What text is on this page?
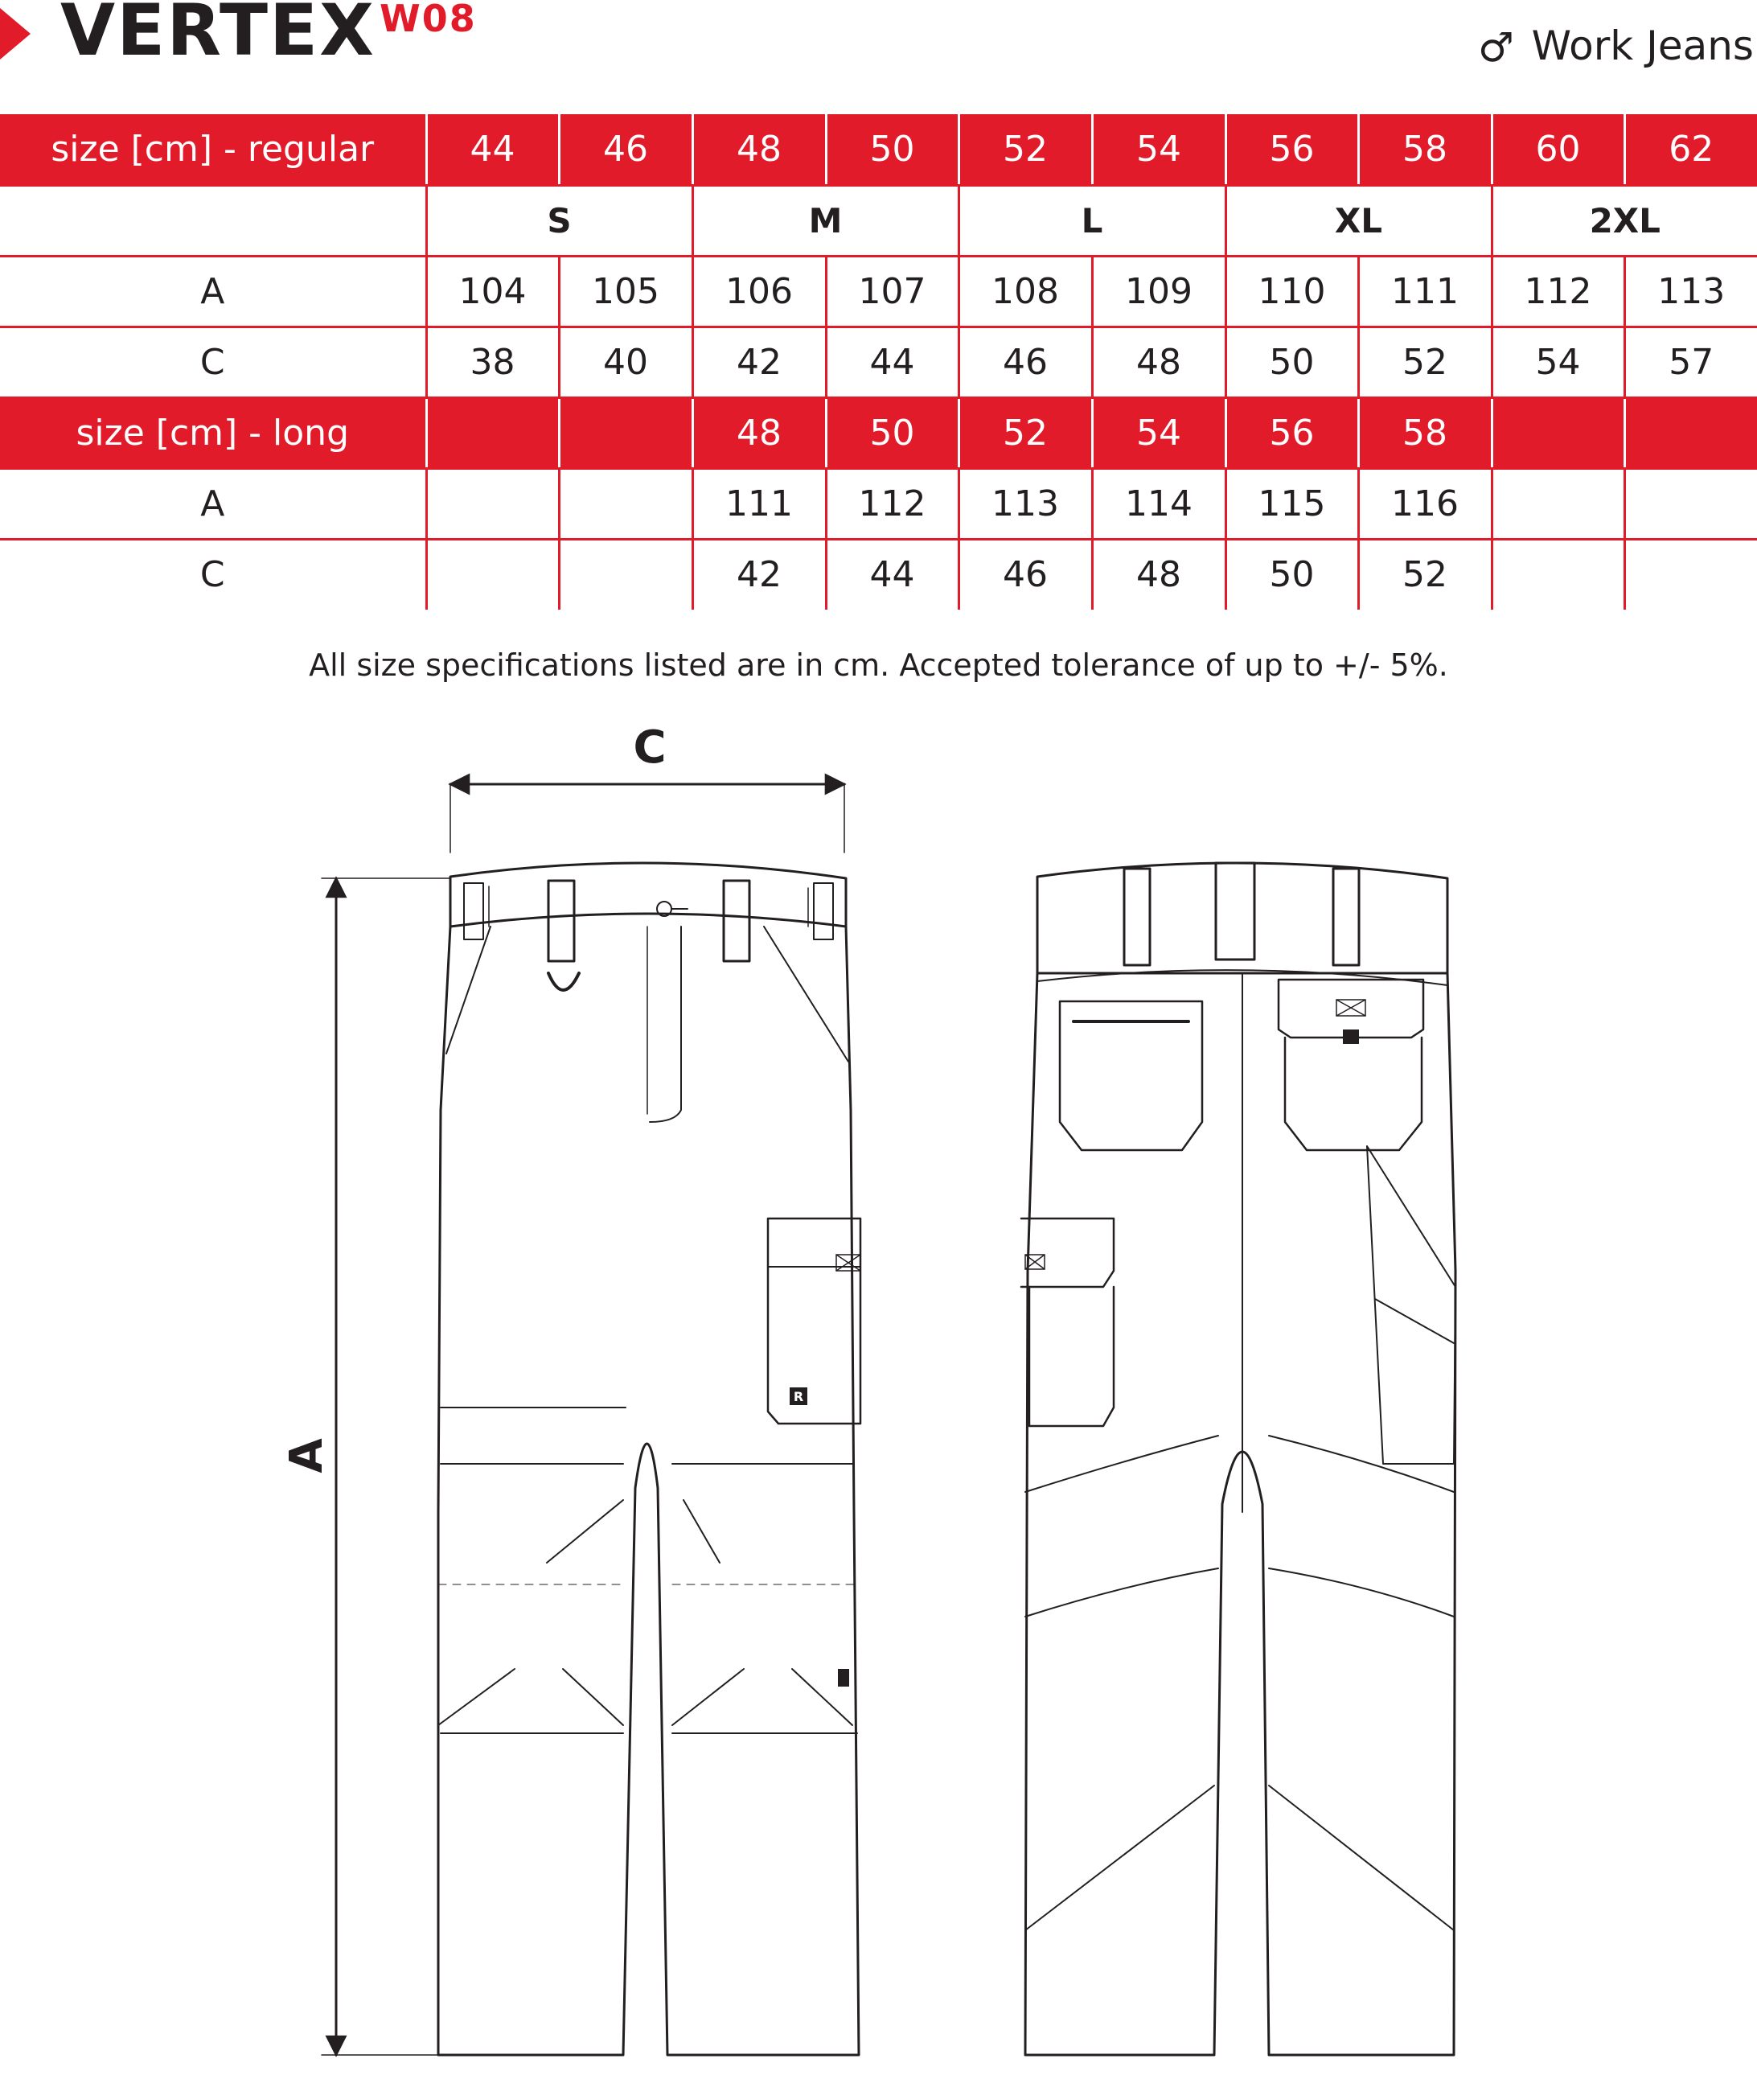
VERTEX W08
♂ Work Jeans
size [cm] - regular	44	46	48	50	52	54	56	58	60	62
	S		M		L		XL		2XL	
A	104	105	106	107	108	109	110	111	112	113
C	38	40	42	44	46	48	50	52	54	57
size [cm] - long			48	50	52	54	56	58		
A			111	112	113	114	115	116		
C			42	44	46	48	50	52		
All size specifications listed are in cm. Accepted tolerance of up to +/- 5%.
C
A
R
